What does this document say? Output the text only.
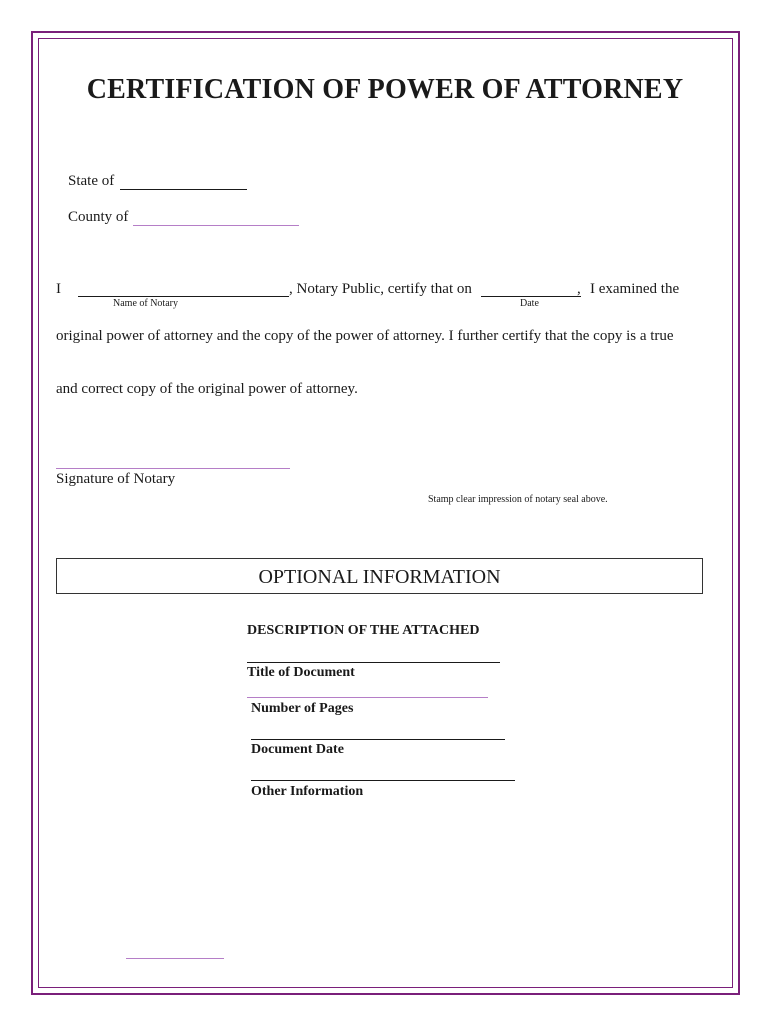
CERTIFICATION OF POWER OF ATTORNEY
State of
County of
I	, Notary Public, certify that on	, I examined the
Name of Notary	Date
original power of attorney and the copy of the power of attorney. I further certify that the copy is a true
and correct copy of the original power of attorney.
Signature of Notary
Stamp clear impression of notary seal above.
OPTIONAL INFORMATION
DESCRIPTION OF THE ATTACHED
Title of Document
Number of Pages
Document Date
Other Information
